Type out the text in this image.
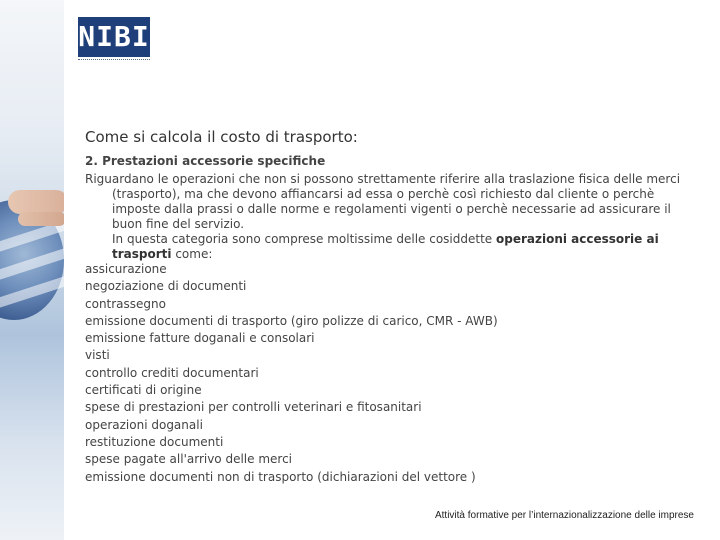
NIBI
Come si calcola il costo di trasporto:
2. Prestazioni accessorie specifiche

Riguardano le operazioni che non si possono strettamente riferire alla traslazione fisica delle merci
(trasporto), ma che devono affiancarsi ad essa o perchè così richiesto dal cliente o perchè imposte dalla prassi o dalle norme e regolamenti vigenti o perchè necessarie ad assicurare il buon fine del servizio.
In questa categoria sono comprese moltissime delle cosiddette operazioni accessorie ai trasporti come:

assicurazione
negoziazione di documenti
contrassegno
emissione documenti di trasporto (giro polizze di carico, CMR - AWB)
emissione fatture doganali e consolari
visti
controllo crediti documentari
certificati di origine
spese di prestazioni per controlli veterinari e fitosanitari
operazioni doganali
restituzione documenti
spese pagate all'arrivo delle merci
emissione documenti non di trasporto (dichiarazioni del vettore )
Attività formative per l’internazionalizzazione delle imprese
